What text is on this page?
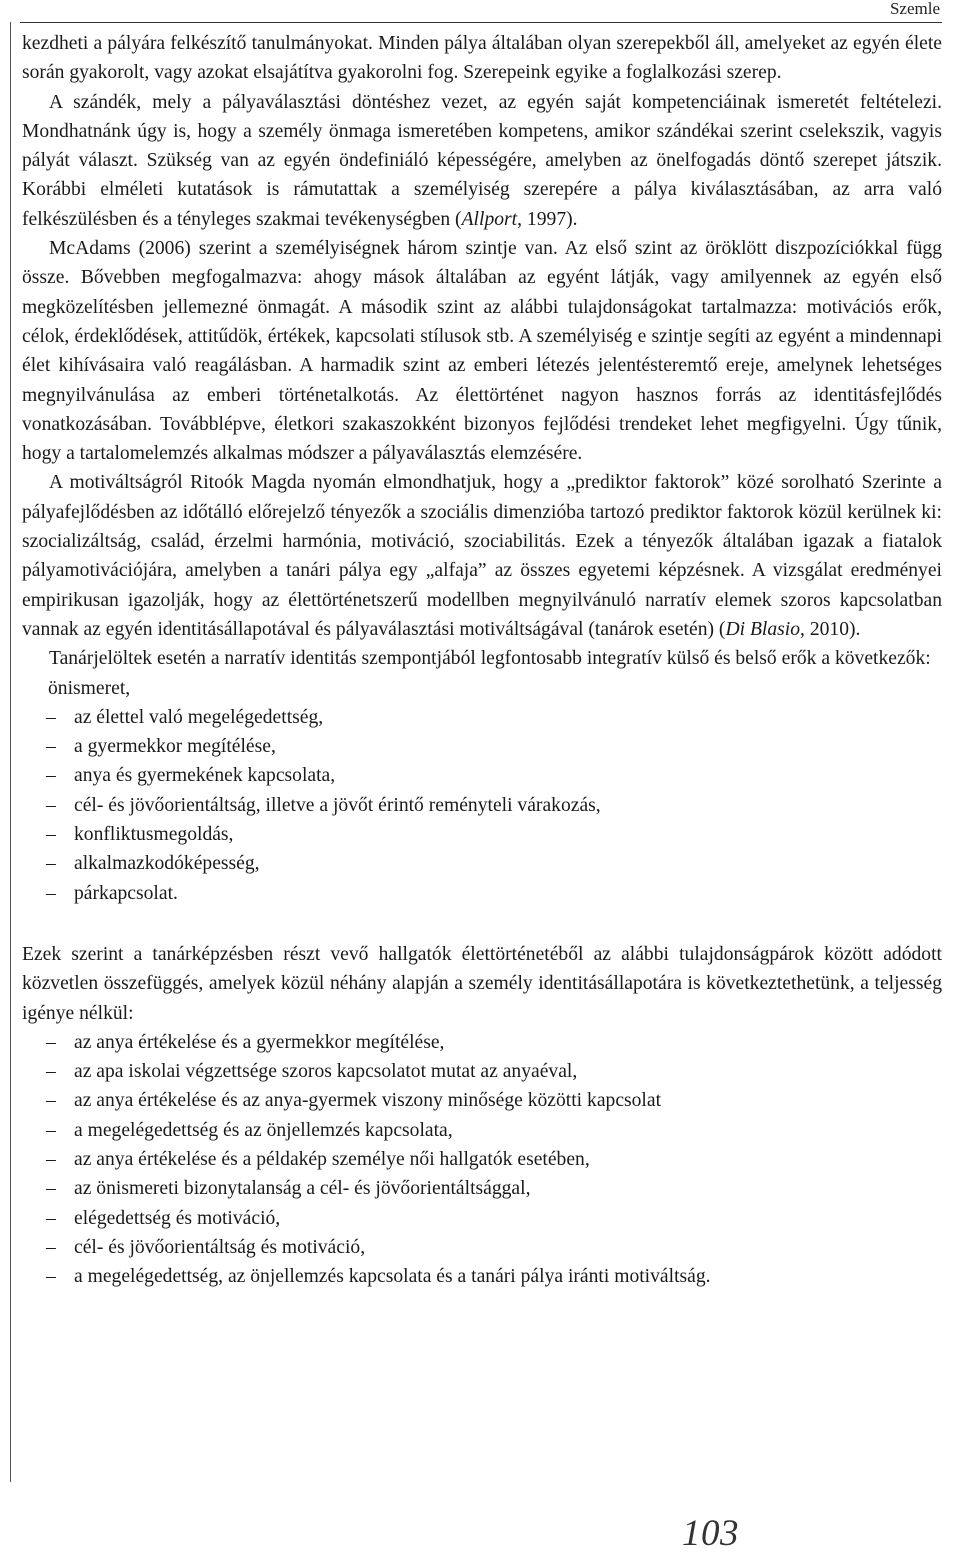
Szemle

kezdheti a pályára felkészítő tanulmányokat. Minden pálya általában olyan szerepekből áll, amelyeket az egyén élete során gyakorolt, vagy azokat elsajátítva gyakorolni fog. Szerepeink egyike a foglalkozási szerep.

A szándék, mely a pályaválasztási döntéshez vezet, az egyén saját kompetenciáinak ismeretét feltételezi. Mondhatnánk úgy is, hogy a személy önmaga ismeretében kompetens, amikor szándékai szerint cselekszik, vagyis pályát választ. Szükség van az egyén öndefiniáló képességére, amelyben az önelfogadás döntő szerepet játszik. Korábbi elméleti kutatások is rámutattak a személyiség szerepére a pálya kiválasztásában, az arra való felkészülésben és a tényleges szakmai tevékenységben (Allport, 1997).

McAdams (2006) szerint a személyiségnek három szintje van. Az első szint az öröklött diszpozíciókkal függ össze. Bővebben megfogalmazva: ahogy mások általában az egyént látják, vagy amilyennek az egyén első megközelítésben jellemezné önmagát. A második szint az alábbi tulajdonságokat tartalmazza: motivációs erők, célok, érdeklődések, attitűdök, értékek, kapcsolati stílusok stb. A személyiség e szintje segíti az egyént a mindennapi élet kihívásaira való reagálásban. A harmadik szint az emberi létezés jelentésteremtő ereje, amelynek lehetséges megnyilvánulása az emberi történetalkotás. Az élettörténet nagyon hasznos forrás az identitásfejlődés vonatkozásában. Továbblépve, életkori szakaszokként bizonyos fejlődési trendeket lehet megfigyelni. Úgy tűnik, hogy a tartalomelemzés alkalmas módszer a pályaválasztás elemzésére.

A motiváltságról Ritoók Magda nyomán elmondhatjuk, hogy a „prediktor faktorok” közé sorolható Szerinte a pályafejlődésben az időtálló előrejelző tényezők a szociális dimenzióba tartozó prediktor faktorok közül kerülnek ki: szocializáltság, család, érzelmi harmónia, motiváció, szociabilitás. Ezek a tényezők általában igazak a fiatalok pályamotivációjára, amelyben a tanári pálya egy „alfaja” az összes egyetemi képzésnek. A vizsgálat eredményei empirikusan igazolják, hogy az élettörténetszerű modellben megnyilvánuló narratív elemek szoros kapcsolatban vannak az egyén identitásállapotával és pályaválasztási motiváltságával (tanárok esetén) (Di Blasio, 2010).

Tanárjelöltek esetén a narratív identitás szempontjából legfontosabb integratív külső és belső erők a következők:

önismeret,
– az élettel való megelégedettség,
– a gyermekkor megítélése,
– anya és gyermekének kapcsolata,
– cél- és jövőorientáltság, illetve a jövőt érintő reményteli várakozás,
– konfliktusmegoldás,
– alkalmazkodóképesség,
– párkapcsolat.

Ezek szerint a tanárképzésben részt vevő hallgatók élettörténetéből az alábbi tulajdonságpárok között adódott közvetlen összefüggés, amelyek közül néhány alapján a személy identitásállapotára is következtethetünk, a teljesség igénye nélkül:

– az anya értékelése és a gyermekkor megítélése,
– az apa iskolai végzettsége szoros kapcsolatot mutat az anyaéval,
– az anya értékelése és az anya-gyermek viszony minősége közötti kapcsolat
– a megelégedettség és az önjellemzés kapcsolata,
– az anya értékelése és a példakép személye női hallgatók esetében,
– az önismereti bizonytalanság a cél- és jövőorientáltsággal,
– elégedettség és motiváció,
– cél- és jövőorientáltság és motiváció,
– a megelégedettség, az önjellemzés kapcsolata és a tanári pálya iránti motiváltság.
103
